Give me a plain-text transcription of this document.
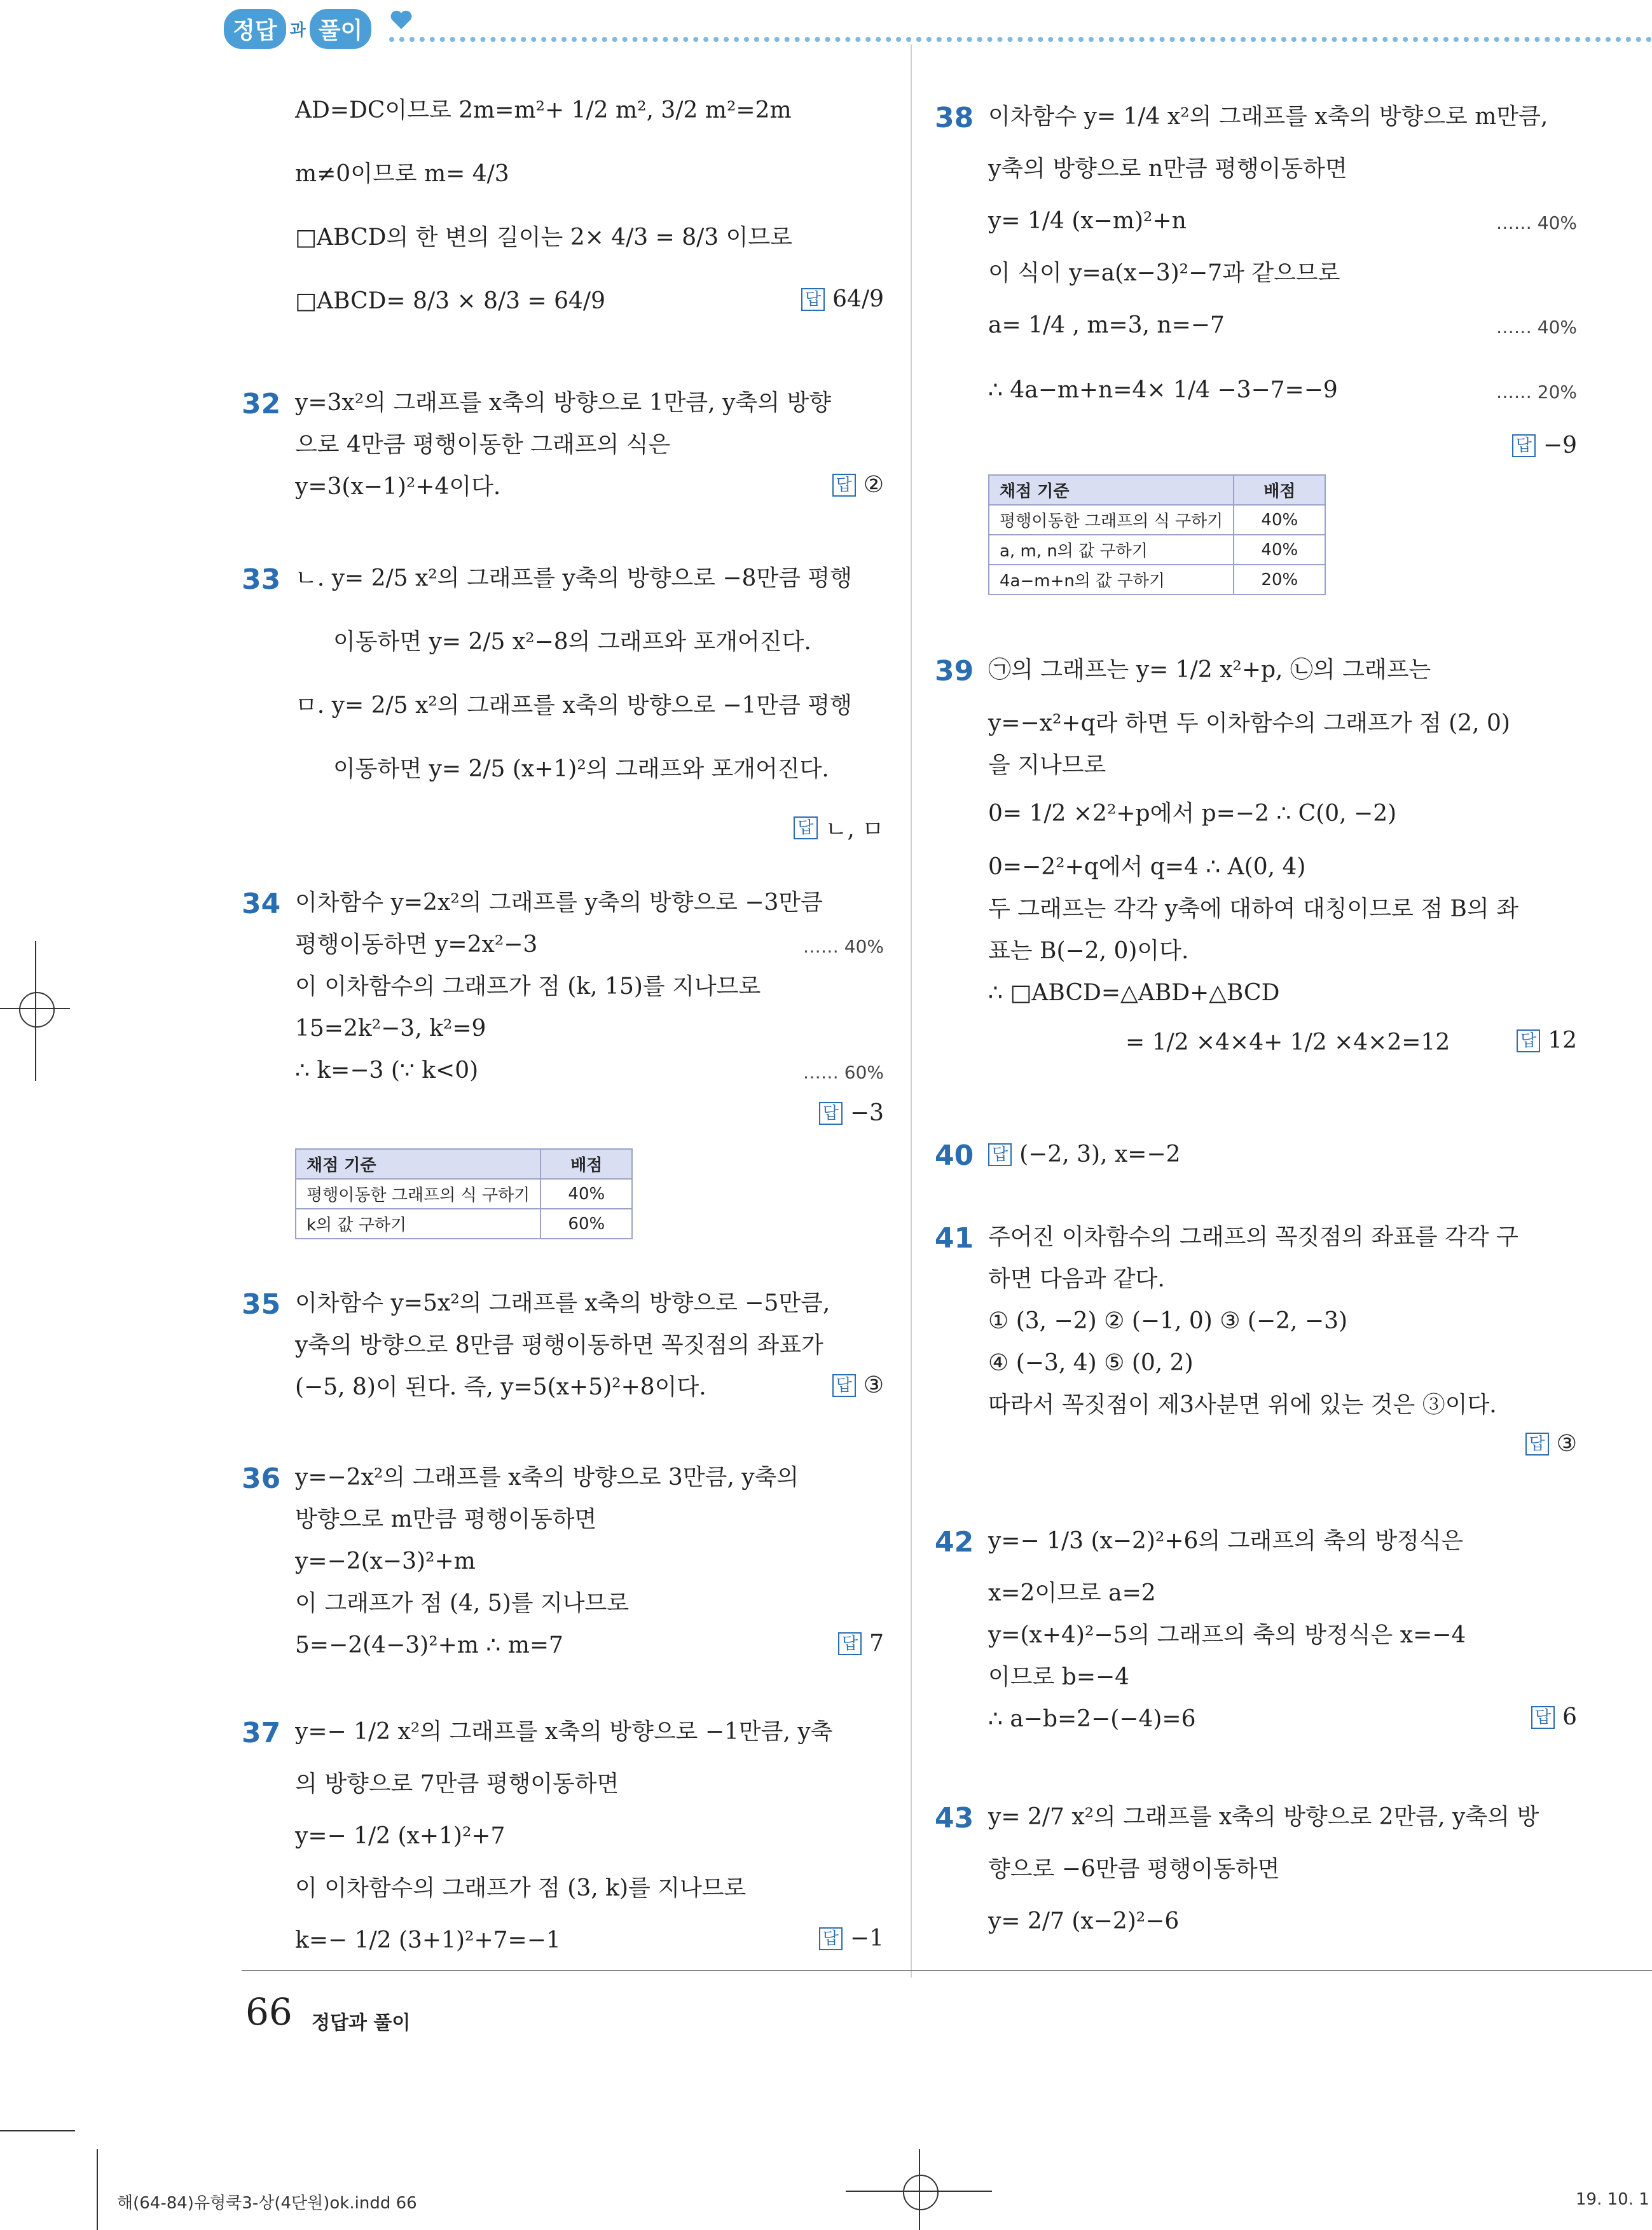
정답 과 풀이
AD=DC이므로 2m=m²+ 1/2 m², 3/2 m²=2m
m≠0이므로 m= 4/3
□ABCD의 한 변의 길이는 2× 4/3 = 8/3 이므로
□ABCD= 8/3 × 8/3 = 64/9	답 64/9
32 y=3x²의 그래프를 x축의 방향으로 1만큼, y축의 방향
으로 4만큼 평행이동한 그래프의 식은
y=3(x−1)²+4이다.	답 ②
33 ㄴ. y= 2/5 x²의 그래프를 y축의 방향으로 −8만큼 평행
이동하면 y= 2/5 x²−8의 그래프와 포개어진다.
ㅁ. y= 2/5 x²의 그래프를 x축의 방향으로 −1만큼 평행
이동하면 y= 2/5 (x+1)²의 그래프와 포개어진다.
답 ㄴ, ㅁ
34 이차함수 y=2x²의 그래프를 y축의 방향으로 −3만큼
평행이동하면 y=2x²−3	…… 40%
이 이차함수의 그래프가 점 (k, 15)를 지나므로
15=2k²−3, k²=9
∴ k=−3 (∵ k<0)	…… 60%
답 −3
채점 기준	배점
평행이동한 그래프의 식 구하기	40%
k의 값 구하기	60%
35 이차함수 y=5x²의 그래프를 x축의 방향으로 −5만큼,
y축의 방향으로 8만큼 평행이동하면 꼭짓점의 좌표가
(−5, 8)이 된다. 즉, y=5(x+5)²+8이다.	답 ③
36 y=−2x²의 그래프를 x축의 방향으로 3만큼, y축의
방향으로 m만큼 평행이동하면
y=−2(x−3)²+m
이 그래프가 점 (4, 5)를 지나므로
5=−2(4−3)²+m ∴ m=7	답 7
37 y=− 1/2 x²의 그래프를 x축의 방향으로 −1만큼, y축
의 방향으로 7만큼 평행이동하면
y=− 1/2 (x+1)²+7
이 이차함수의 그래프가 점 (3, k)를 지나므로
k=− 1/2 (3+1)²+7=−1	답 −1
38 이차함수 y= 1/4 x²의 그래프를 x축의 방향으로 m만큼,
y축의 방향으로 n만큼 평행이동하면
y= 1/4 (x−m)²+n	…… 40%
이 식이 y=a(x−3)²−7과 같으므로
a= 1/4 , m=3, n=−7	…… 40%
∴ 4a−m+n=4× 1/4 −3−7=−9	…… 20%
답 −9
채점 기준	배점
평행이동한 그래프의 식 구하기	40%
a, m, n의 값 구하기	40%
4a−m+n의 값 구하기	20%
39 ㉠의 그래프는 y= 1/2 x²+p, ㉡의 그래프는
y=−x²+q라 하면 두 이차함수의 그래프가 점 (2, 0)
을 지나므로
0= 1/2 ×2²+p에서 p=−2 ∴ C(0, −2)
0=−2²+q에서 q=4 ∴ A(0, 4)
두 그래프는 각각 y축에 대하여 대칭이므로 점 B의 좌
표는 B(−2, 0)이다.
∴ □ABCD=△ABD+△BCD
= 1/2 ×4×4+ 1/2 ×4×2=12	답 12
40 답 (−2, 3), x=−2
41 주어진 이차함수의 그래프의 꼭짓점의 좌표를 각각 구
하면 다음과 같다.
① (3, −2) ② (−1, 0) ③ (−2, −3)
④ (−3, 4) ⑤ (0, 2)
따라서 꼭짓점이 제3사분면 위에 있는 것은 ③이다.
답 ③
42 y=− 1/3 (x−2)²+6의 그래프의 축의 방정식은
x=2이므로 a=2
y=(x+4)²−5의 그래프의 축의 방정식은 x=−4
이므로 b=−4
∴ a−b=2−(−4)=6	답 6
43 y= 2/7 x²의 그래프를 x축의 방향으로 2만큼, y축의 방
향으로 −6만큼 평행이동하면
y= 2/7 (x−2)²−6
66 정답과 풀이
해(64-84)유형쿡3-상(4단원)ok.indd 66	19. 10. 1
